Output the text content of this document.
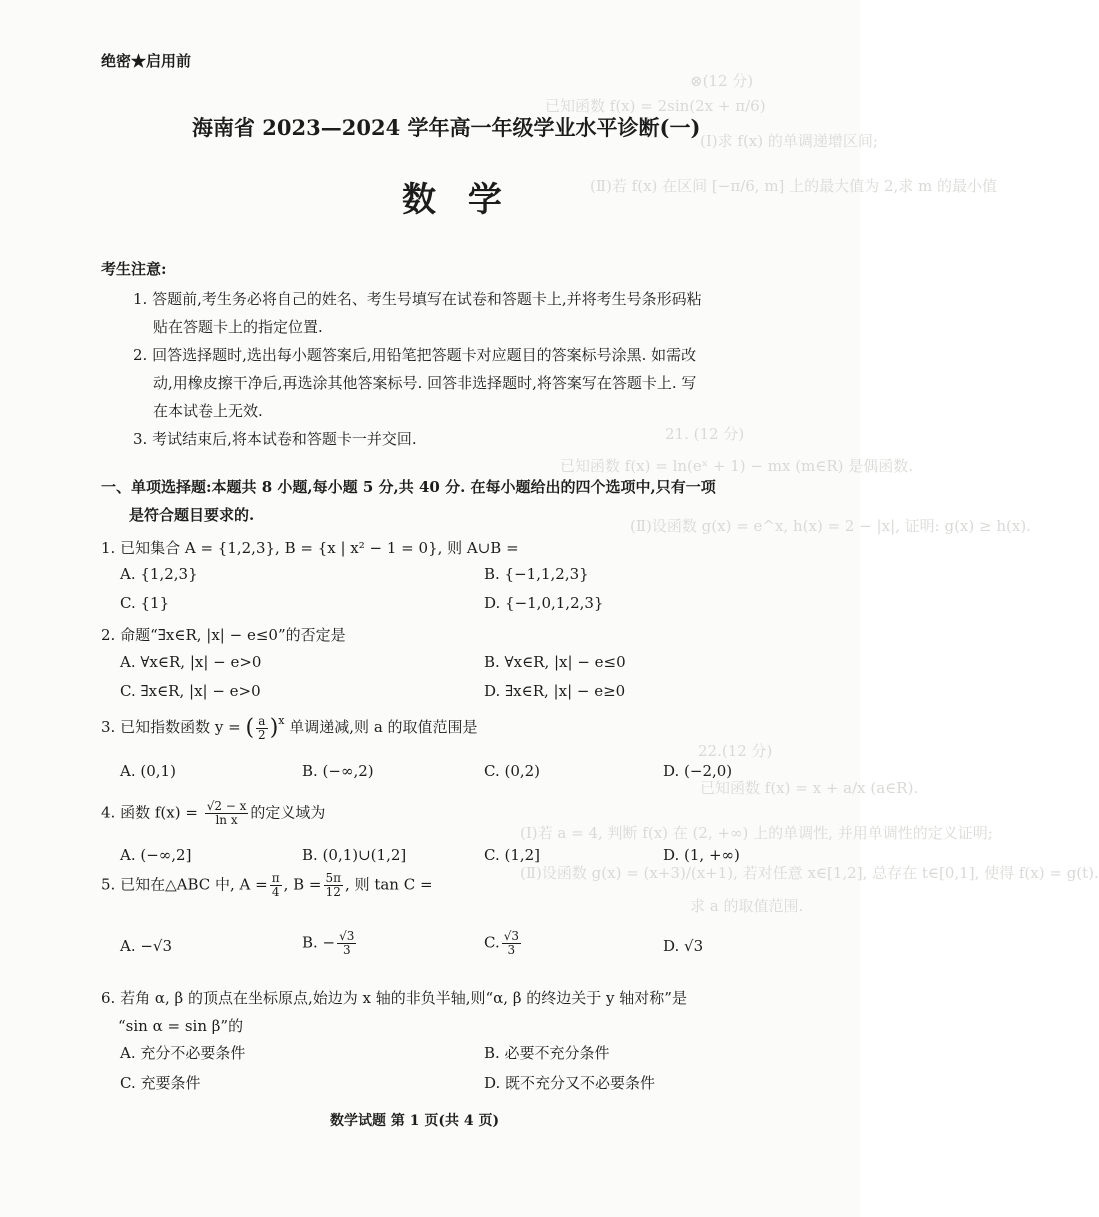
⊗(12 分)
已知函数 f(x) = 2sin(2x + π/6)
(Ⅰ)求 f(x) 的单调递增区间;
(Ⅱ)若 f(x) 在区间 [−π/6, m] 上的最大值为 2,求 m 的最小值
21. (12 分)
已知函数 f(x) = ln(eˣ + 1) − mx (m∈R) 是偶函数.
(Ⅱ)设函数 g(x) = e^x, h(x) = 2 − |x|, 证明: g(x) ≥ h(x).
22.(12 分)
已知函数 f(x) = x + a/x (a∈R).
(Ⅰ)若 a = 4, 判断 f(x) 在 (2, +∞) 上的单调性, 并用单调性的定义证明;
(Ⅱ)设函数 g(x) = (x+3)/(x+1), 若对任意 x∈[1,2], 总存在 t∈[0,1], 使得 f(x) = g(t).
求 a 的取值范围.
绝密★启用前
海南省 2023—2024 学年高一年级学业水平诊断(一)
数 学
考生注意:
1. 答题前,考生务必将自己的姓名、考生号填写在试卷和答题卡上,并将考生号条形码粘
贴在答题卡上的指定位置.
2. 回答选择题时,选出每小题答案后,用铅笔把答题卡对应题目的答案标号涂黑. 如需改
动,用橡皮擦干净后,再选涂其他答案标号. 回答非选择题时,将答案写在答题卡上. 写
在本试卷上无效.
3. 考试结束后,将本试卷和答题卡一并交回.
一、单项选择题:本题共 8 小题,每小题 5 分,共 40 分. 在每小题给出的四个选项中,只有一项
是符合题目要求的.
1. 已知集合 A = {1,2,3}, B = {x | x² − 1 = 0}, 则 A∪B =
A. {1,2,3}	B. {−1,1,2,3}
C. {1}	D. {−1,0,1,2,3}
2. 命题“∃x∈R, |x| − e≤0”的否定是
A. ∀x∈R, |x| − e>0	B. ∀x∈R, |x| − e≤0
C. ∃x∈R, |x| − e>0	D. ∃x∈R, |x| − e≥0
3. 已知指数函数 y = ( $\frac{a}{2} )^x$ 单调递减,则 a 的取值范围是
A. (0,1)	B. (−∞,2)	C. (0,2)	D. (−2,0)
4. 函数 $f(x) = \frac{√2 - x}{\text{ln x}}$ 的定义域为
A. (−∞,2]	B. (0,1)∪(1,2]	C. (1,2]	D. (1, +∞)
5. 已知在△ABC 中, $A = \frac{\pi}{4}$ , $B = \frac{5\pi}{12}$ , 则 tan C =
A. −√3	B. − $\frac{√3}{3}$	C. $\frac{√3}{3}$	D. √3
6. 若角 α, β 的顶点在坐标原点,始边为 x 轴的非负半轴,则“α, β 的终边关于 y 轴对称”是
“sin α = sin β”的
A. 充分不必要条件	B. 必要不充分条件
C. 充要条件	D. 既不充分又不必要条件
数学试题 第 1 页(共 4 页)
